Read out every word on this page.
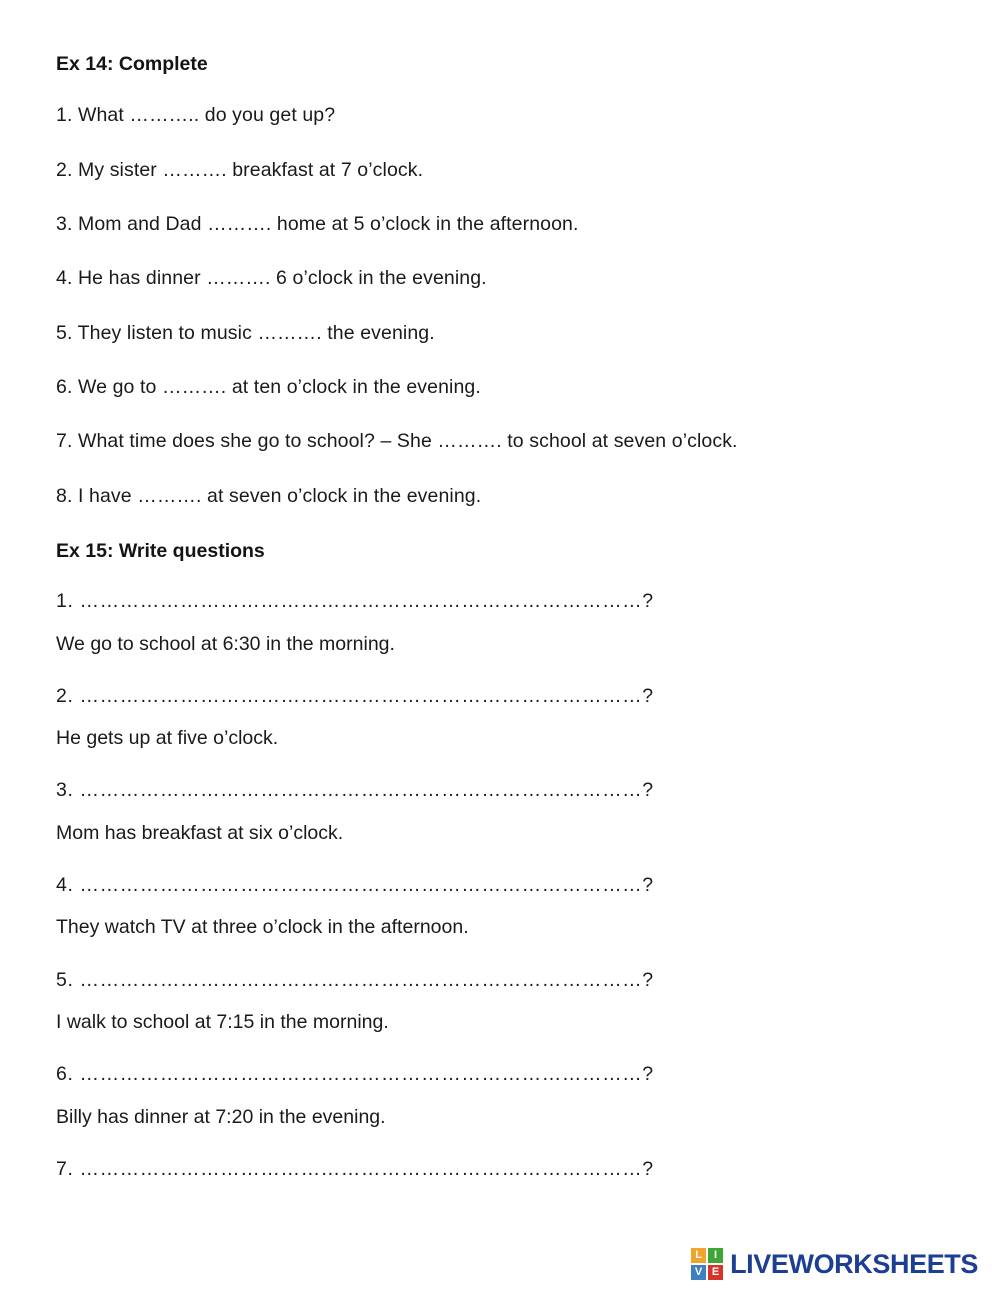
Ex 14: Complete

1. What ……….. do you get up?

2. My sister ………. breakfast at 7 o’clock.

3. Mom and Dad ………. home at 5 o’clock in the afternoon.

4. He has dinner ………. 6 o’clock in the evening.

5. They listen to music ………. the evening.

6. We go to ………. at ten o’clock in the evening.

7. What time does she go to school? – She ………. to school at seven o’clock.

8. I have ………. at seven o’clock in the evening.

Ex 15: Write questions

1. …………………………………………………………………………?

We go to school at 6:30 in the morning.

2. …………………………………………………………………………?

He gets up at five o’clock.

3. …………………………………………………………………………?

Mom has breakfast at six o’clock.

4. …………………………………………………………………………?

They watch TV at three o’clock in the afternoon.

5. …………………………………………………………………………?

I walk to school at 7:15 in the morning.

6. …………………………………………………………………………?

Billy has dinner at 7:20 in the evening.

7. …………………………………………………………………………?

L	I
V E LIVEWORKSHEETS
